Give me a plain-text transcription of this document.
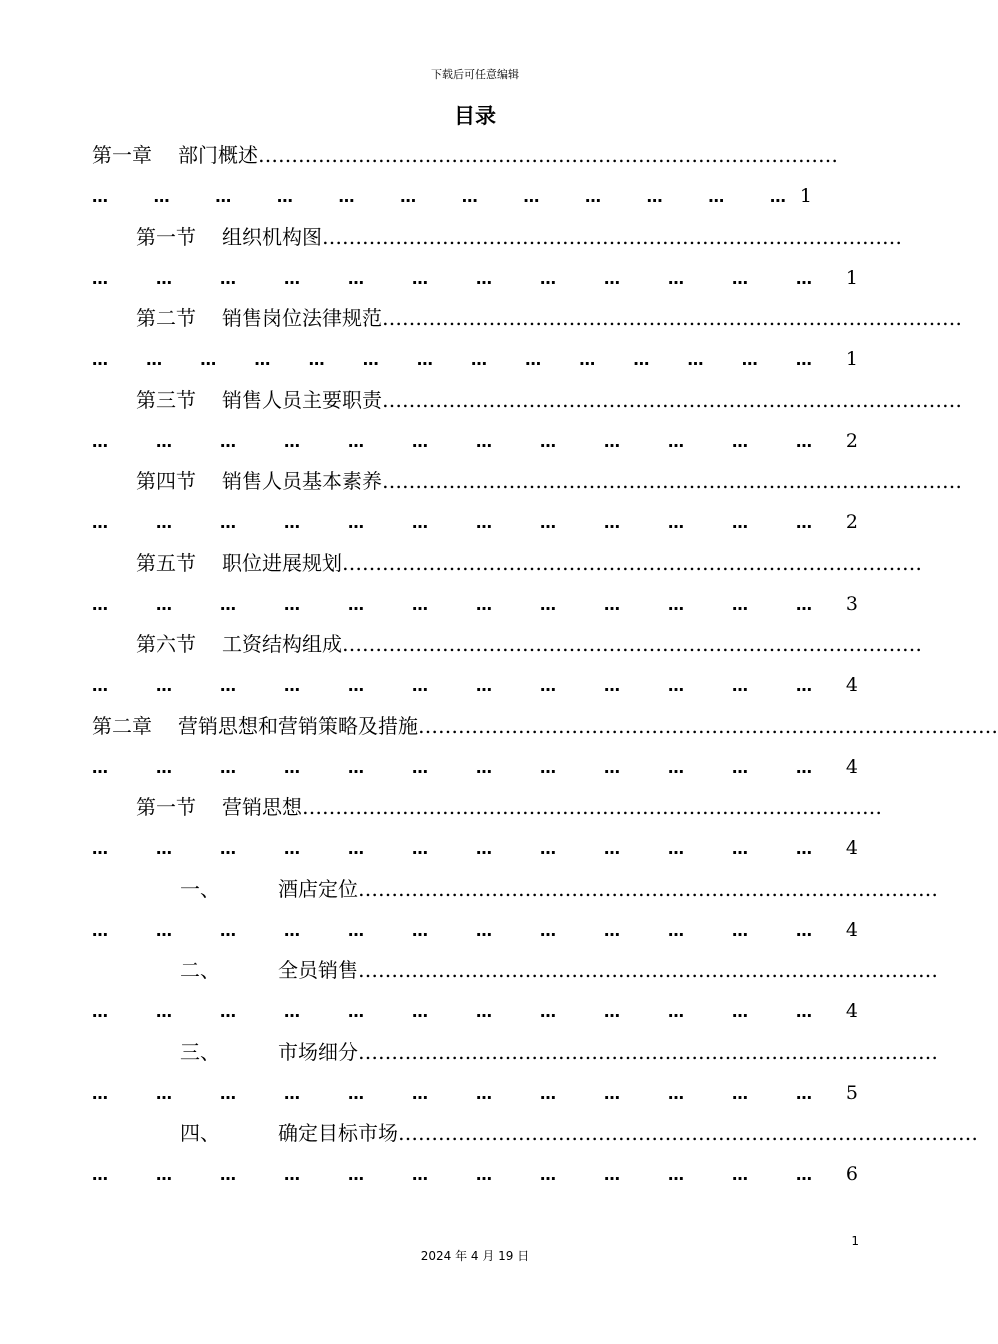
下载后可任意编辑
目录
第一章 部门概述……………………………………………………………………………
…	…	…	…	…	…	…	…	…	…	…	… 1
第一节 组织机构图……………………………………………………………………………
…	…	…	…	…	…	…	…	…	…	…	…	1
第二节 销售岗位法律规范……………………………………………………………………………
… … … … … … … … … … … … … …	1
第三节 销售人员主要职责……………………………………………………………………………
…	…	…	…	…	…	…	…	…	…	…	…	2
第四节 销售人员基本素养……………………………………………………………………………
…	…	…	…	…	…	…	…	…	…	…	…	2
第五节 职位进展规划……………………………………………………………………………
…	…	…	…	…	…	…	…	…	…	…	…	3
第六节 工资结构组成……………………………………………………………………………
…	…	…	…	…	…	…	…	…	…	…	…	4
第二章 营销思想和营销策略及措施……………………………………………………………………………
…	…	…	…	…	…	…	…	…	…	…	…	4
第一节 营销思想……………………………………………………………………………
…	…	…	…	…	…	…	…	…	…	…	…	4
一、	酒店定位……………………………………………………………………………
…	…	…	…	…	…	…	…	…	…	…	…	4
二、	全员销售……………………………………………………………………………
…	…	…	…	…	…	…	…	…	…	…	…	4
三、	市场细分……………………………………………………………………………
…	…	…	…	…	…	…	…	…	…	…	…	5
四、	确定目标市场……………………………………………………………………………
…	…	…	…	…	…	…	…	…	…	…	…	6
1
2024 年 4 月 19 日
